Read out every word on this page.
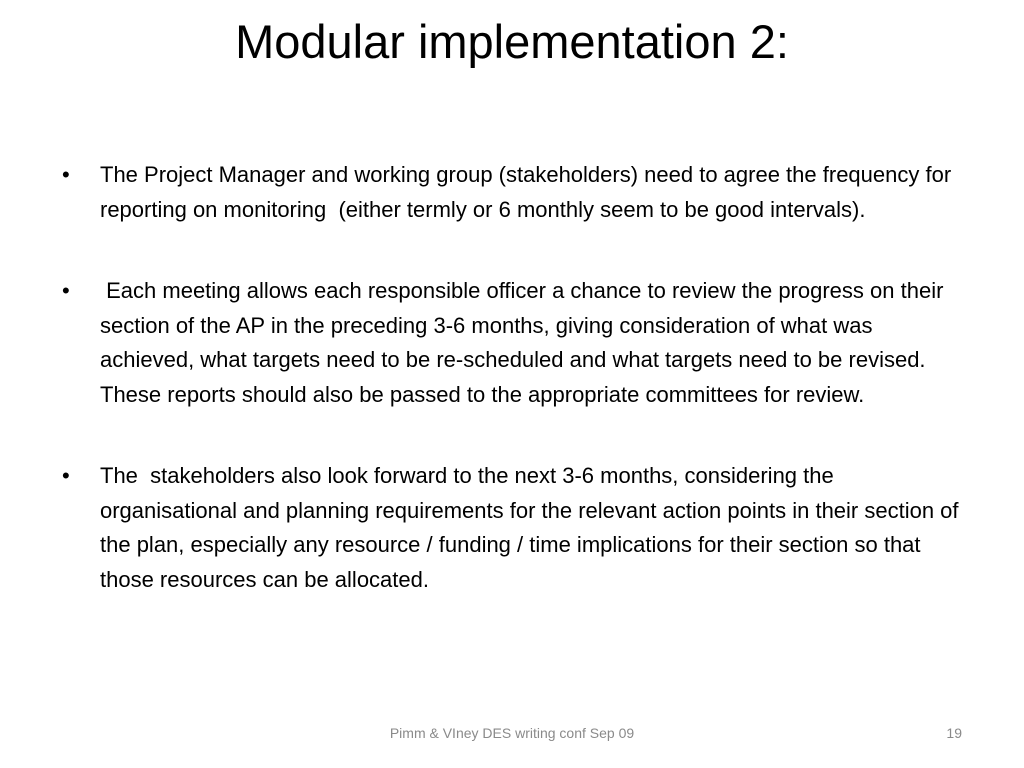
Modular implementation 2:
• The Project Manager and working group (stakeholders) need to agree the frequency for reporting on monitoring  (either termly or 6 monthly seem to be good intervals).
• Each meeting allows each responsible officer a chance to review the progress on their section of the AP in the preceding 3-6 months, giving consideration of what was achieved, what targets need to be re-scheduled and what targets need to be revised.   These reports should also be passed to the appropriate committees for review.
• The  stakeholders also look forward to the next 3-6 months, considering the organisational and planning requirements for the relevant action points in their section of the plan, especially any resource / funding / time implications for their section so that those resources can be allocated.
Pimm & VIney DES writing conf Sep 09	19
